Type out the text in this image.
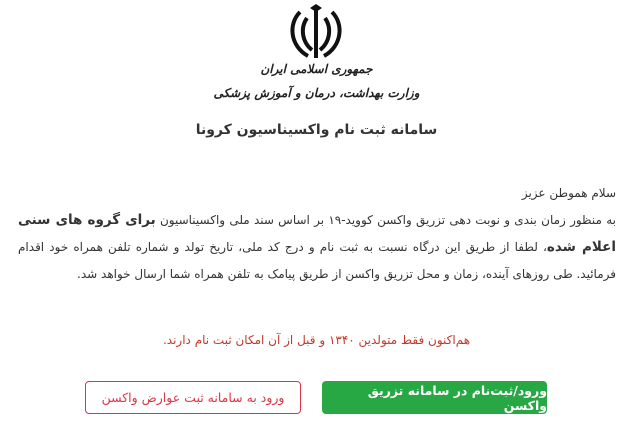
جمهوری اسلامی ایران
وزارت بهداشت، درمان و آموزش پزشکی
سامانه ثبت نام واکسیناسیون کرونا
سلام هموطن عزیز
به منظور زمان بندی و نوبت دهی تزریق واکسن کووید-۱۹ بر اساس سند ملی واکسیناسیون برای گروه های سنی اعلام شده، لطفا از طریق این درگاه نسبت به ثبت نام و درج کد ملی، تاریخ تولد و شماره تلفن همراه خود اقدام فرمائید. طی روزهای آینده، زمان و محل تزریق واکسن از طریق پیامک به تلفن همراه شما ارسال خواهد شد.
هم‌اکنون فقط متولدین ۱۳۴۰ و قبل از آن امکان ثبت نام دارند.
ورود/ثبت‌نام در سامانه تزریق واکسن
ورود به سامانه ثبت عوارض واکسن
